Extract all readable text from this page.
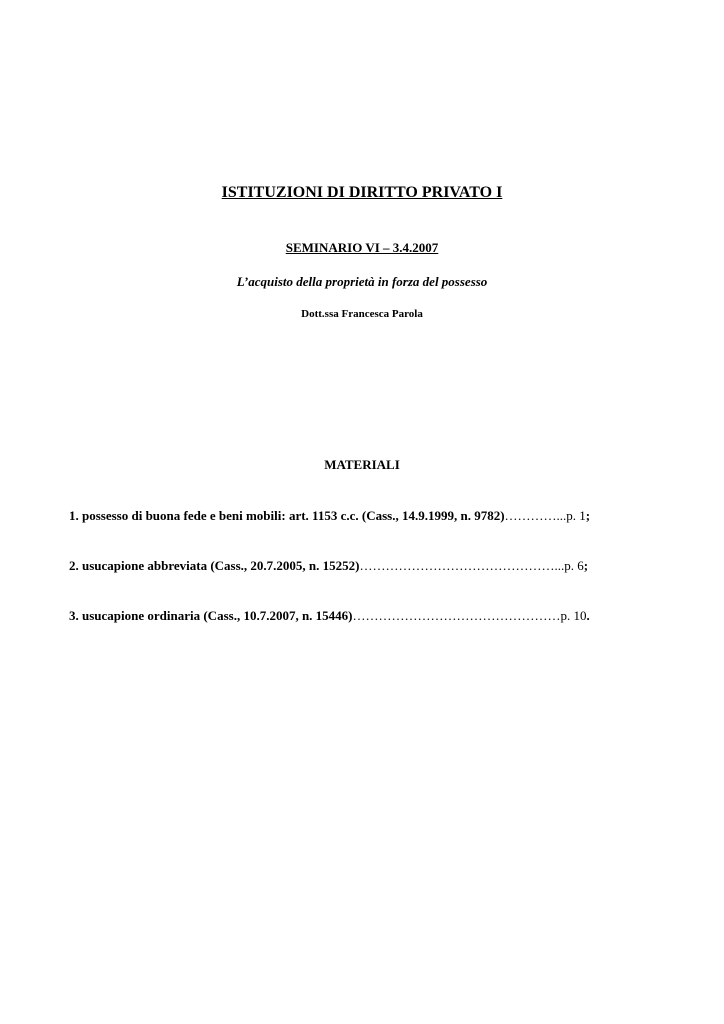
ISTITUZIONI DI DIRITTO PRIVATO I
SEMINARIO VI – 3.4.2007
L’acquisto della proprietà in forza del possesso
Dott.ssa Francesca Parola
MATERIALI
1. possesso di buona fede e beni mobili: art. 1153 c.c. (Cass., 14.9.1999, n. 9782)…………...p. 1;
2. usucapione abbreviata (Cass., 20.7.2005, n. 15252)………………………………………...p. 6;
3. usucapione ordinaria (Cass., 10.7.2007, n. 15446)…………………………………………p. 10.
